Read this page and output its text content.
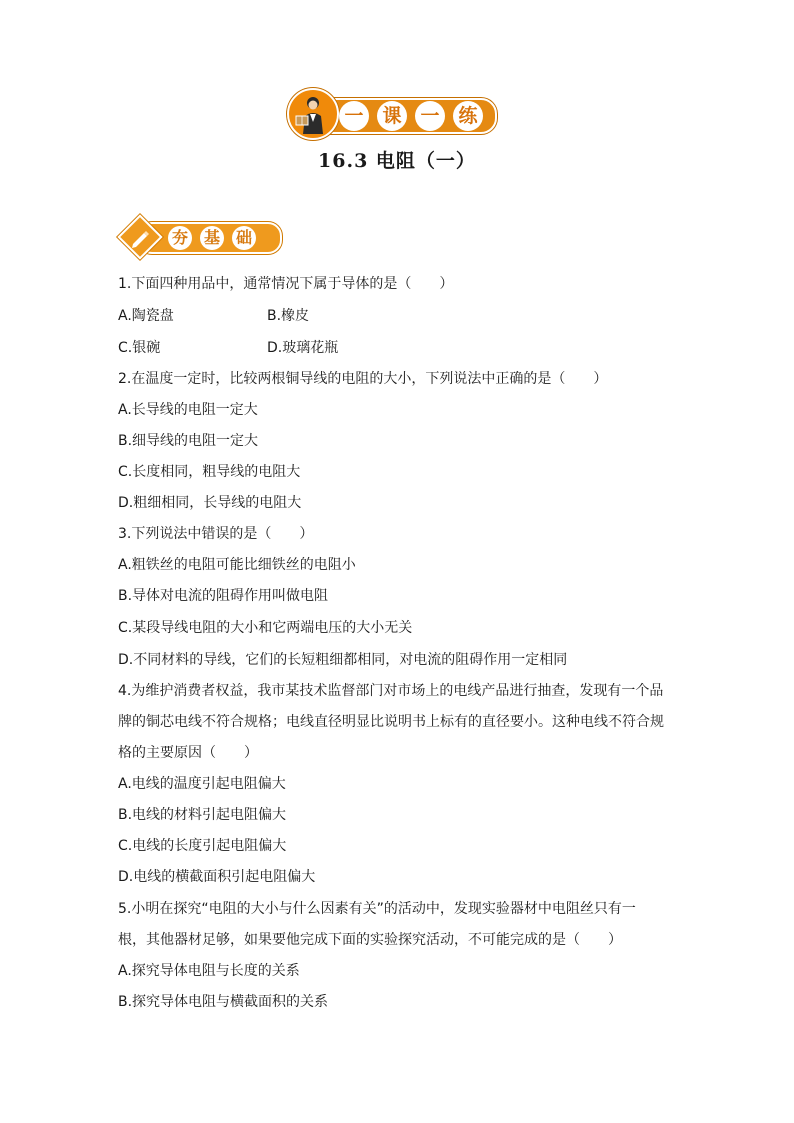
一 课 一 练
16.3 电阻（一）
夯 基 础
1.下面四种用品中，通常情况下属于导体的是（　　）
A.陶瓷盘	B.橡皮
C.银碗	D.玻璃花瓶
2.在温度一定时，比较两根铜导线的电阻的大小，下列说法中正确的是（　　）
A.长导线的电阻一定大
B.细导线的电阻一定大
C.长度相同，粗导线的电阻大
D.粗细相同，长导线的电阻大
3.下列说法中错误的是（　　）
A.粗铁丝的电阻可能比细铁丝的电阻小
B.导体对电流的阻碍作用叫做电阻
C.某段导线电阻的大小和它两端电压的大小无关
D.不同材料的导线，它们的长短粗细都相同，对电流的阻碍作用一定相同
4.为维护消费者权益，我市某技术监督部门对市场上的电线产品进行抽查，发现有一个品
牌的铜芯电线不符合规格；电线直径明显比说明书上标有的直径要小。这种电线不符合规
格的主要原因（　　）
A.电线的温度引起电阻偏大
B.电线的材料引起电阻偏大
C.电线的长度引起电阻偏大
D.电线的横截面积引起电阻偏大
5.小明在探究“电阻的大小与什么因素有关”的活动中，发现实验器材中电阻丝只有一
根，其他器材足够，如果要他完成下面的实验探究活动，不可能完成的是（　　）
A.探究导体电阻与长度的关系
B.探究导体电阻与横截面积的关系
